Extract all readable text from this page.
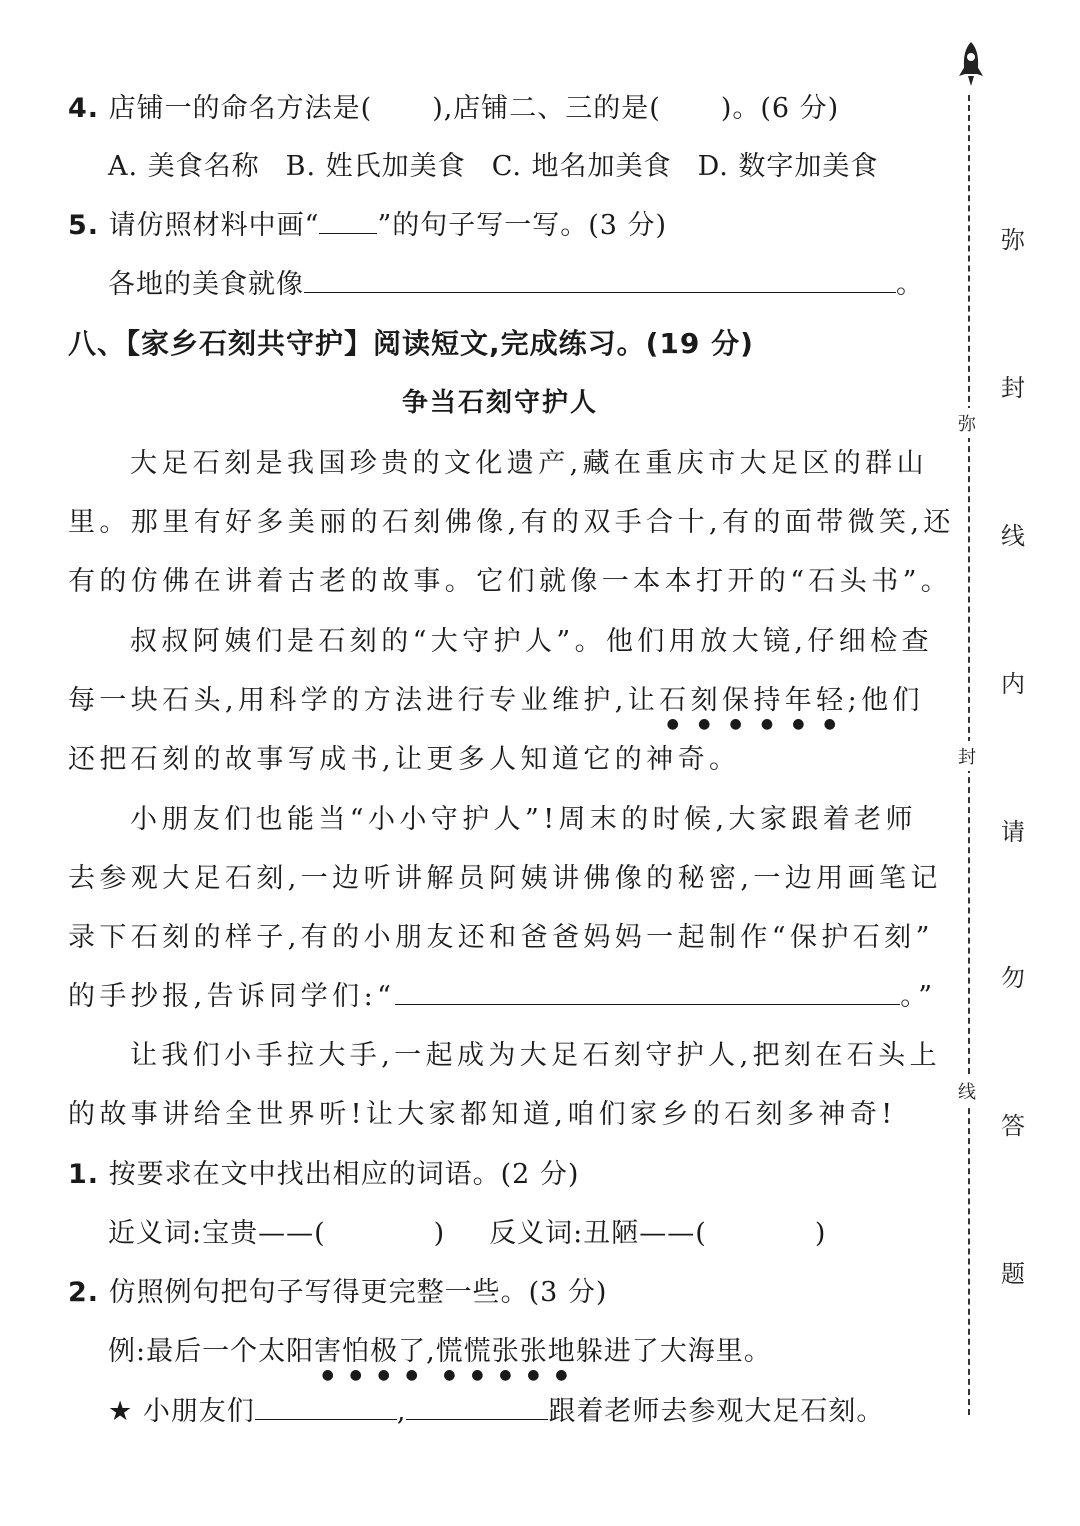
4. 店铺一的命名方法是( ),店铺二、三的是( )。(6 分)
A. 美食名称 B. 姓氏加美食 C. 地名加美食 D. 数字加美食
5. 请仿照材料中画“ ”的句子写一写。(3 分)
各地的美食就像	。
八、【家乡石刻共守护】阅读短文,完成练习。(19 分)
争当石刻守护人
大足石刻是我国珍贵的文化遗产,藏在重庆市大足区的群山
里。那里有好多美丽的石刻佛像,有的双手合十,有的面带微笑,还
有的仿佛在讲着古老的故事。它们就像一本本打开的“石头书”。
叔叔阿姨们是石刻的“大守护人”。他们用放大镜,仔细检查
每一块石头,用科学的方法进行专业维护,让石刻保持年轻;他们
还把石刻的故事写成书,让更多人知道它的神奇。
小朋友们也能当“小小守护人”!周末的时候,大家跟着老师
去参观大足石刻,一边听讲解员阿姨讲佛像的秘密,一边用画笔记
录下石刻的样子,有的小朋友还和爸爸妈妈一起制作“保护石刻”
的手抄报,告诉同学们:“	。”
让我们小手拉大手,一起成为大足石刻守护人,把刻在石头上
的故事讲给全世界听!让大家都知道,咱们家乡的石刻多神奇!
1. 按要求在文中找出相应的词语。(2 分)
近义词:宝贵——(	) 反义词:丑陋——(	)
2. 仿照例句把句子写得更完整一些。(3 分)
例:最后一个太阳害怕极了,慌慌张张地躲进了大海里。
★ 小朋友们	,	跟着老师去参观大足石刻。
弥
封
线
弥
封
线
内
请
勿
答
题
